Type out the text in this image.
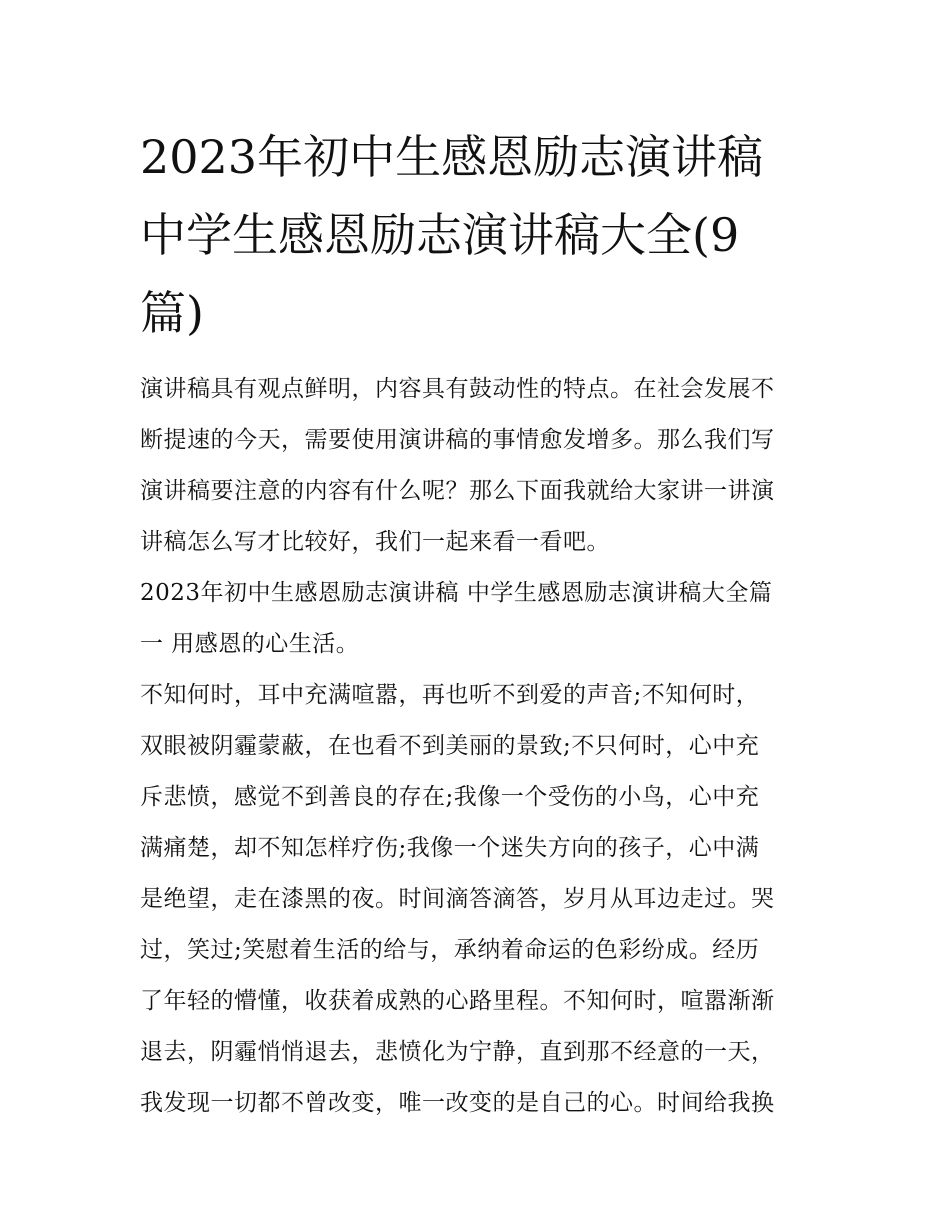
2023年初中生感恩励志演讲稿
中学生感恩励志演讲稿大全(9
篇)
演讲稿具有观点鲜明，内容具有鼓动性的特点。在社会发展不
断提速的今天，需要使用演讲稿的事情愈发增多。那么我们写
演讲稿要注意的内容有什么呢？那么下面我就给大家讲一讲演
讲稿怎么写才比较好，我们一起来看一看吧。
2023年初中生感恩励志演讲稿 中学生感恩励志演讲稿大全篇
一 用感恩的心生活。
不知何时，耳中充满喧嚣，再也听不到爱的声音;不知何时，
双眼被阴霾蒙蔽，在也看不到美丽的景致;不只何时，心中充
斥悲愤，感觉不到善良的存在;我像一个受伤的小鸟，心中充
满痛楚，却不知怎样疗伤;我像一个迷失方向的孩子，心中满
是绝望，走在漆黑的夜。时间滴答滴答，岁月从耳边走过。哭
过，笑过;笑慰着生活的给与，承纳着命运的色彩纷成。经历
了年轻的懵懂，收获着成熟的心路里程。不知何时，喧嚣渐渐
退去，阴霾悄悄退去，悲愤化为宁静，直到那不经意的一天，
我发现一切都不曾改变，唯一改变的是自己的心。时间给我换
